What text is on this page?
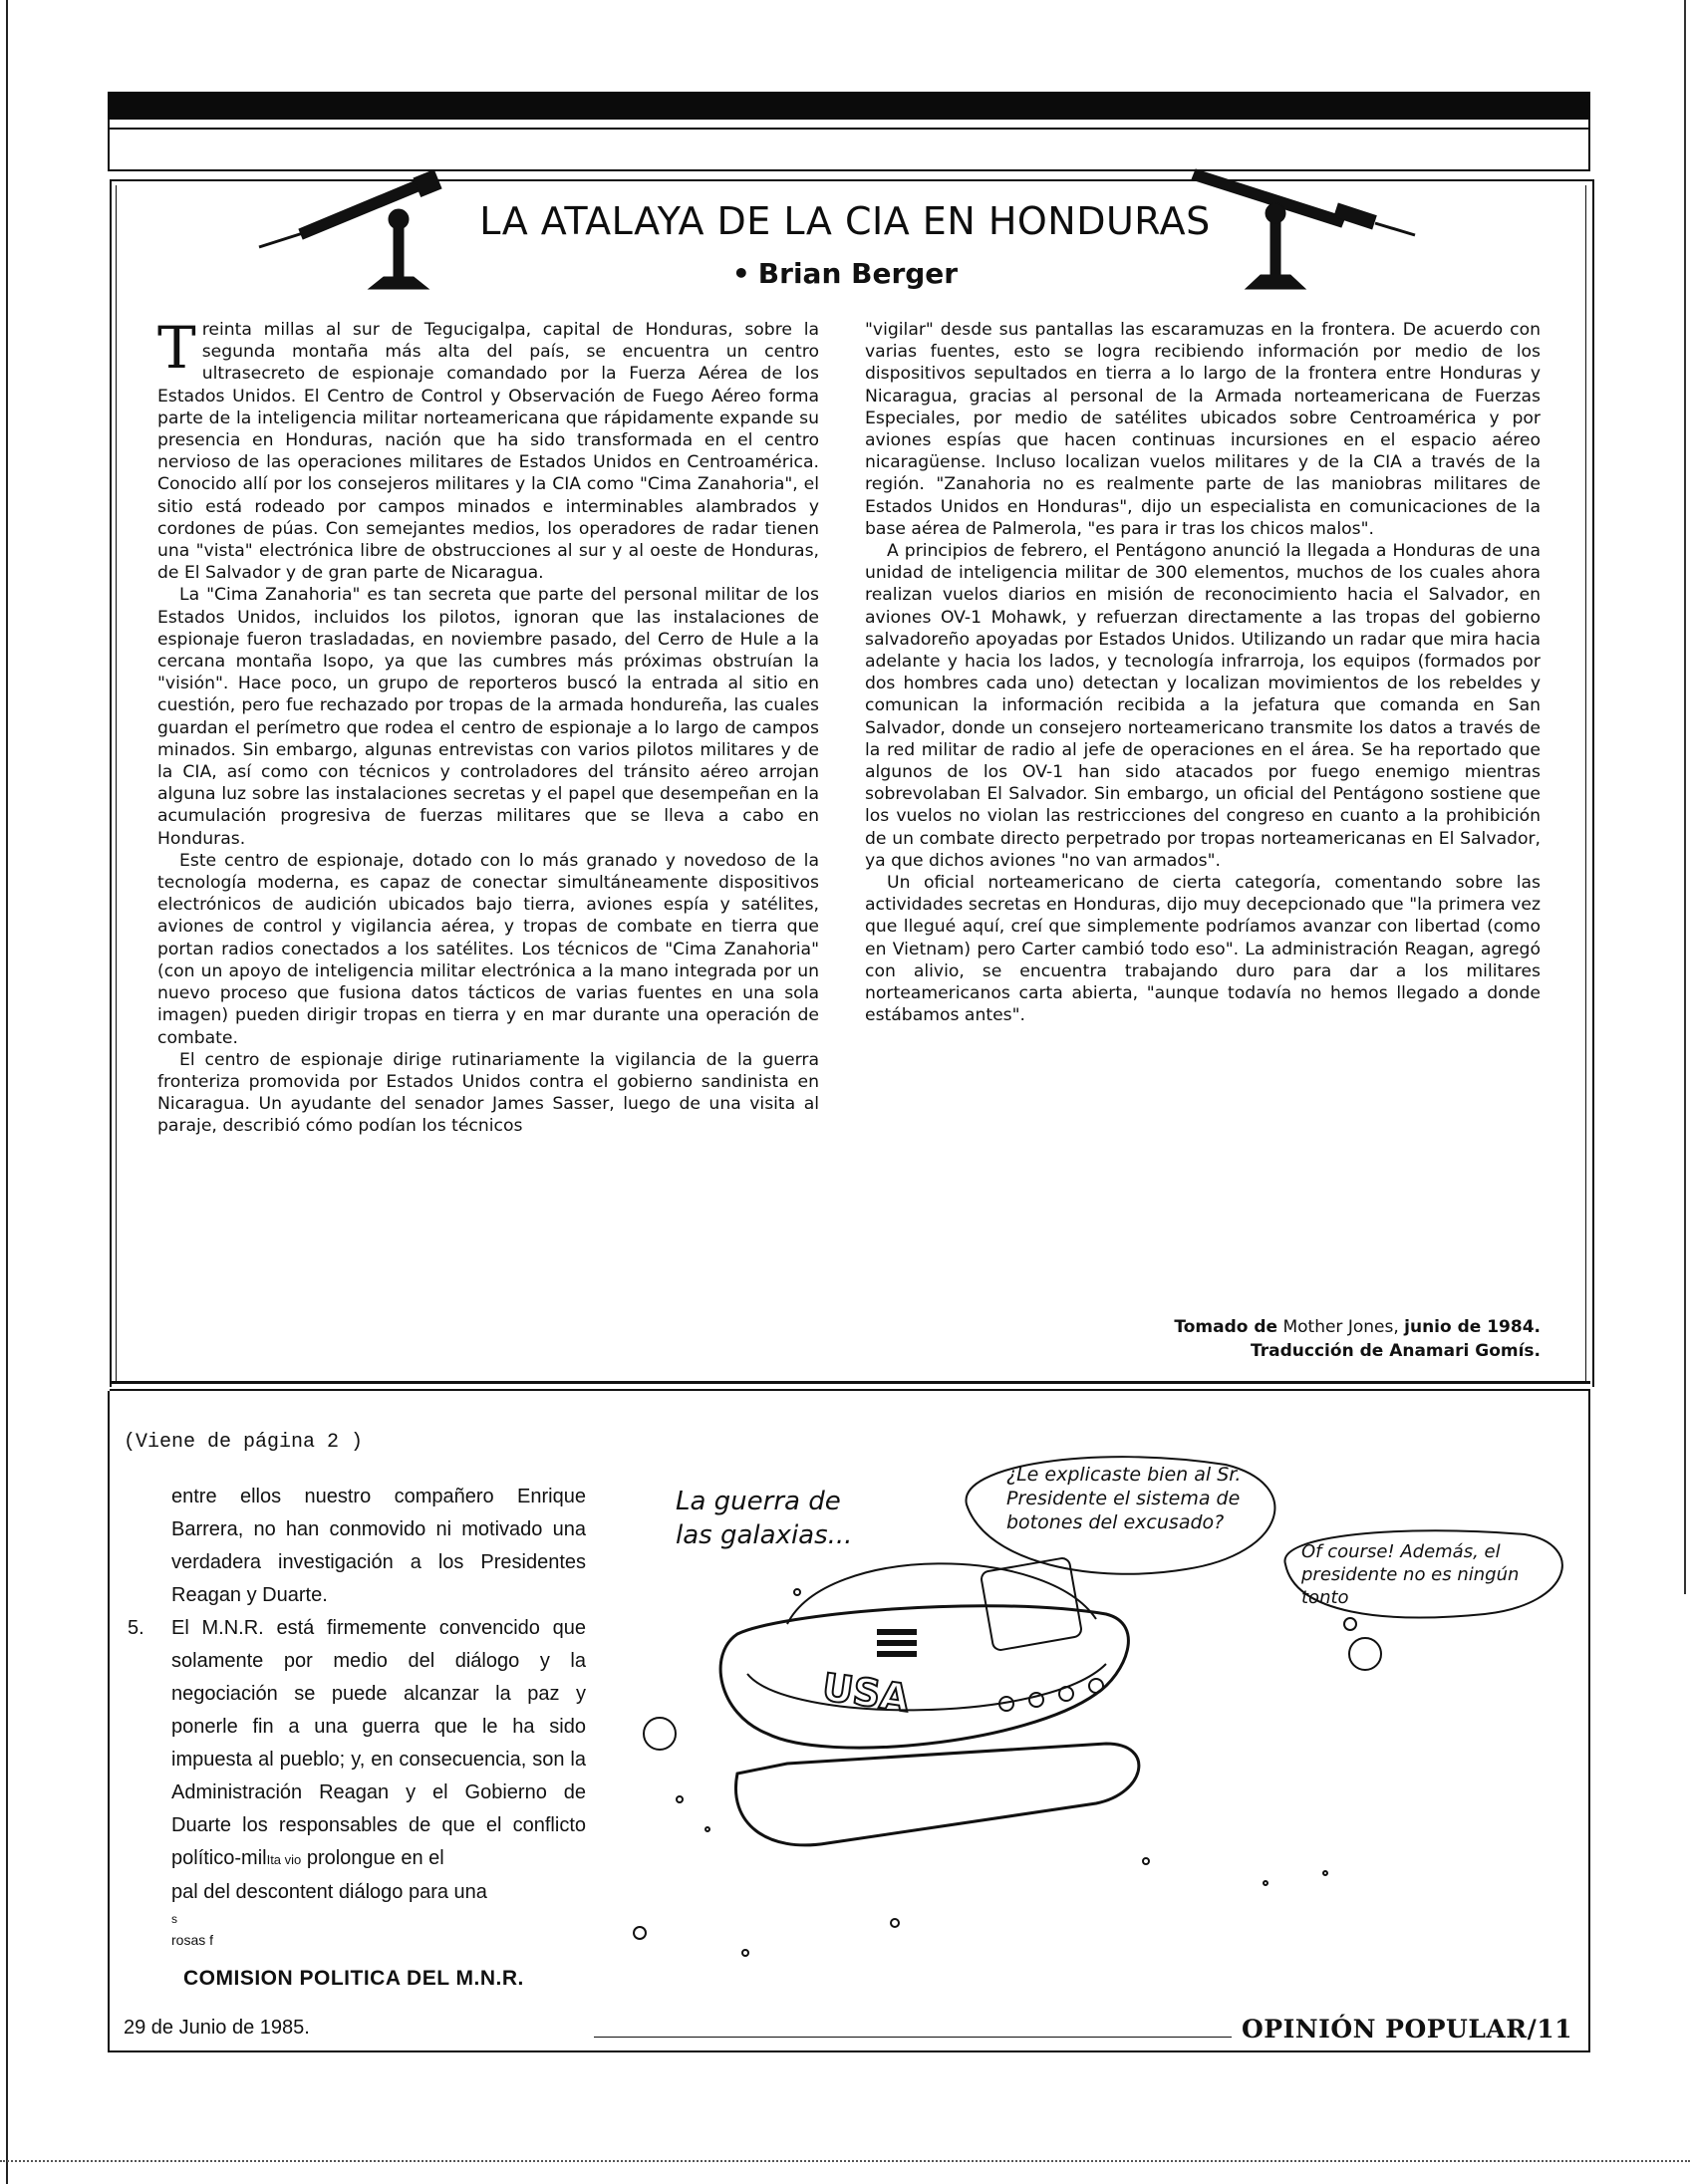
LA ATALAYA DE LA CIA EN HONDURAS
• Brian Berger

Treinta millas al sur de Tegucigalpa, capital de Honduras, sobre la segunda montaña más alta del país, se encuentra un centro ultrasecreto de espionaje comandado por la Fuerza Aérea de los Estados Unidos. El Centro de Control y Observación de Fuego Aéreo forma parte de la inteligencia militar norteamericana que rápidamente expande su presencia en Honduras, nación que ha sido transformada en el centro nervioso de las operaciones militares de Estados Unidos en Centroamérica. Conocido allí por los consejeros militares y la CIA como "Cima Zanahoria", el sitio está rodeado por campos minados e interminables alambrados y cordones de púas. Con semejantes medios, los operadores de radar tienen una "vista" electrónica libre de obstrucciones al sur y al oeste de Honduras, de El Salvador y de gran parte de Nicaragua.

La "Cima Zanahoria" es tan secreta que parte del personal militar de los Estados Unidos, incluidos los pilotos, ignoran que las instalaciones de espionaje fueron trasladadas, en noviembre pasado, del Cerro de Hule a la cercana montaña Isopo, ya que las cumbres más próximas obstruían la "visión". Hace poco, un grupo de reporteros buscó la entrada al sitio en cuestión, pero fue rechazado por tropas de la armada hondureña, las cuales guardan el perímetro que rodea el centro de espionaje a lo largo de campos minados. Sin embargo, algunas entrevistas con varios pilotos militares y de la CIA, así como con técnicos y controladores del tránsito aéreo arrojan alguna luz sobre las instalaciones secretas y el papel que desempeñan en la acumulación progresiva de fuerzas militares que se lleva a cabo en Honduras.

Este centro de espionaje, dotado con lo más granado y novedoso de la tecnología moderna, es capaz de conectar simultáneamente dispositivos electrónicos de audición ubicados bajo tierra, aviones espía y satélites, aviones de control y vigilancia aérea, y tropas de combate en tierra que portan radios conectados a los satélites. Los técnicos de "Cima Zanahoria" (con un apoyo de inteligencia militar electrónica a la mano integrada por un nuevo proceso que fusiona datos tácticos de varias fuentes en una sola imagen) pueden dirigir tropas en tierra y en mar durante una operación de combate.

El centro de espionaje dirige rutinariamente la vigilancia de la guerra fronteriza promovida por Estados Unidos contra el gobierno sandinista en Nicaragua. Un ayudante del senador James Sasser, luego de una visita al paraje, describió cómo podían los técnicos

"vigilar" desde sus pantallas las escaramuzas en la frontera. De acuerdo con varias fuentes, esto se logra recibiendo información por medio de los dispositivos sepultados en tierra a lo largo de la frontera entre Honduras y Nicaragua, gracias al personal de la Armada norteamericana de Fuerzas Especiales, por medio de satélites ubicados sobre Centroamérica y por aviones espías que hacen continuas incursiones en el espacio aéreo nicaragüense. Incluso localizan vuelos militares y de la CIA a través de la región. "Zanahoria no es realmente parte de las maniobras militares de Estados Unidos en Honduras", dijo un especialista en comunicaciones de la base aérea de Palmerola, "es para ir tras los chicos malos".

A principios de febrero, el Pentágono anunció la llegada a Honduras de una unidad de inteligencia militar de 300 elementos, muchos de los cuales ahora realizan vuelos diarios en misión de reconocimiento hacia el Salvador, en aviones OV-1 Mohawk, y refuerzan directamente a las tropas del gobierno salvadoreño apoyadas por Estados Unidos. Utilizando un radar que mira hacia adelante y hacia los lados, y tecnología infrarroja, los equipos (formados por dos hombres cada uno) detectan y localizan movimientos de los rebeldes y comunican la información recibida a la jefatura que comanda en San Salvador, donde un consejero norteamericano transmite los datos a través de la red militar de radio al jefe de operaciones en el área. Se ha reportado que algunos de los OV-1 han sido atacados por fuego enemigo mientras sobrevolaban El Salvador. Sin embargo, un oficial del Pentágono sostiene que los vuelos no violan las restricciones del congreso en cuanto a la prohibición de un combate directo perpetrado por tropas norteamericanas en El Salvador, ya que dichos aviones "no van armados".

Un oficial norteamericano de cierta categoría, comentando sobre las actividades secretas en Honduras, dijo muy decepcionado que "la primera vez que llegué aquí, creí que simplemente podríamos avanzar con libertad (como en Vietnam) pero Carter cambió todo eso". La administración Reagan, agregó con alivio, se encuentra trabajando duro para dar a los militares norteamericanos carta abierta, "aunque todavía no hemos llegado a donde estábamos antes".

Tomado de Mother Jones, junio de 1984.
Traducción de Anamari Gomís.
(Viene de página 2 )
entre ellos nuestro compañero Enrique Barrera, no han conmovido ni motivado una verdadera investigación a los Presidentes Reagan y Duarte.
5. El M.N.R. está firmemente convencido que solamente por medio del diálogo y la negociación se puede alcanzar la paz y ponerle fin a una guerra que le ha sido impuesta al pueblo; y, en consecuencia, son la Administración Reagan y el Gobierno de Duarte los responsables de que el conflicto político-milIta vio prolongue en el
pal del descontent diálogo para una
s
rosas f
COMISION POLITICA DEL M.N.R.
29 de Junio de 1985.	OPINIÓN POPULAR/11
USA
La guerra de las galaxias...
¿Le explicaste bien al Sr. Presidente el sistema de botones del excusado?
Of course! Además, el presidente no es ningún tonto
